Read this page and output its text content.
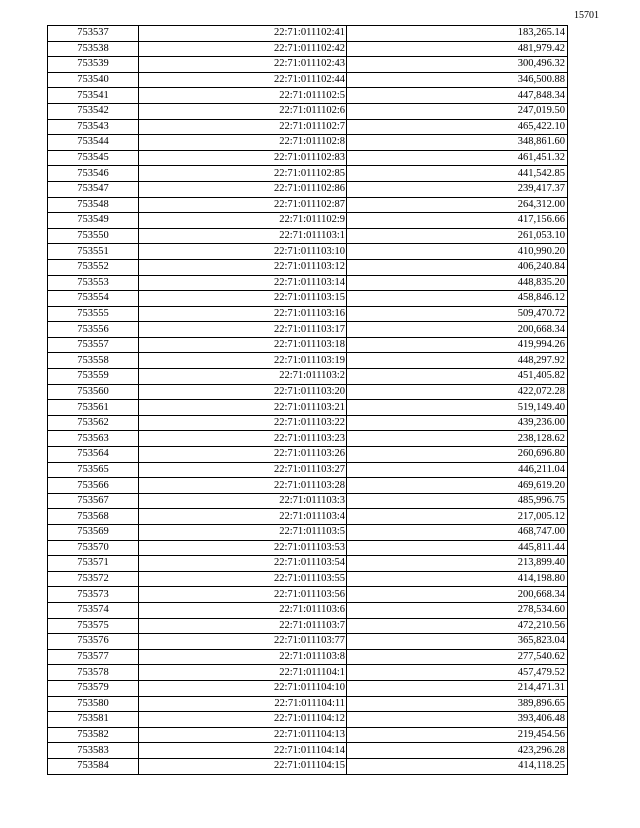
15701
753537	22:71:011102:41	183,265.14
753538	22:71:011102:42	481,979.42
753539	22:71:011102:43	300,496.32
753540	22:71:011102:44	346,500.88
753541	22:71:011102:5	447,848.34
753542	22:71:011102:6	247,019.50
753543	22:71:011102:7	465,422.10
753544	22:71:011102:8	348,861.60
753545	22:71:011102:83	461,451.32
753546	22:71:011102:85	441,542.85
753547	22:71:011102:86	239,417.37
753548	22:71:011102:87	264,312.00
753549	22:71:011102:9	417,156.66
753550	22:71:011103:1	261,053.10
753551	22:71:011103:10	410,990.20
753552	22:71:011103:12	406,240.84
753553	22:71:011103:14	448,835.20
753554	22:71:011103:15	458,846.12
753555	22:71:011103:16	509,470.72
753556	22:71:011103:17	200,668.34
753557	22:71:011103:18	419,994.26
753558	22:71:011103:19	448,297.92
753559	22:71:011103:2	451,405.82
753560	22:71:011103:20	422,072.28
753561	22:71:011103:21	519,149.40
753562	22:71:011103:22	439,236.00
753563	22:71:011103:23	238,128.62
753564	22:71:011103:26	260,696.80
753565	22:71:011103:27	446,211.04
753566	22:71:011103:28	469,619.20
753567	22:71:011103:3	485,996.75
753568	22:71:011103:4	217,005.12
753569	22:71:011103:5	468,747.00
753570	22:71:011103:53	445,811.44
753571	22:71:011103:54	213,899.40
753572	22:71:011103:55	414,198.80
753573	22:71:011103:56	200,668.34
753574	22:71:011103:6	278,534.60
753575	22:71:011103:7	472,210.56
753576	22:71:011103:77	365,823.04
753577	22:71:011103:8	277,540.62
753578	22:71:011104:1	457,479.52
753579	22:71:011104:10	214,471.31
753580	22:71:011104:11	389,896.65
753581	22:71:011104:12	393,406.48
753582	22:71:011104:13	219,454.56
753583	22:71:011104:14	423,296.28
753584	22:71:011104:15	414,118.25
